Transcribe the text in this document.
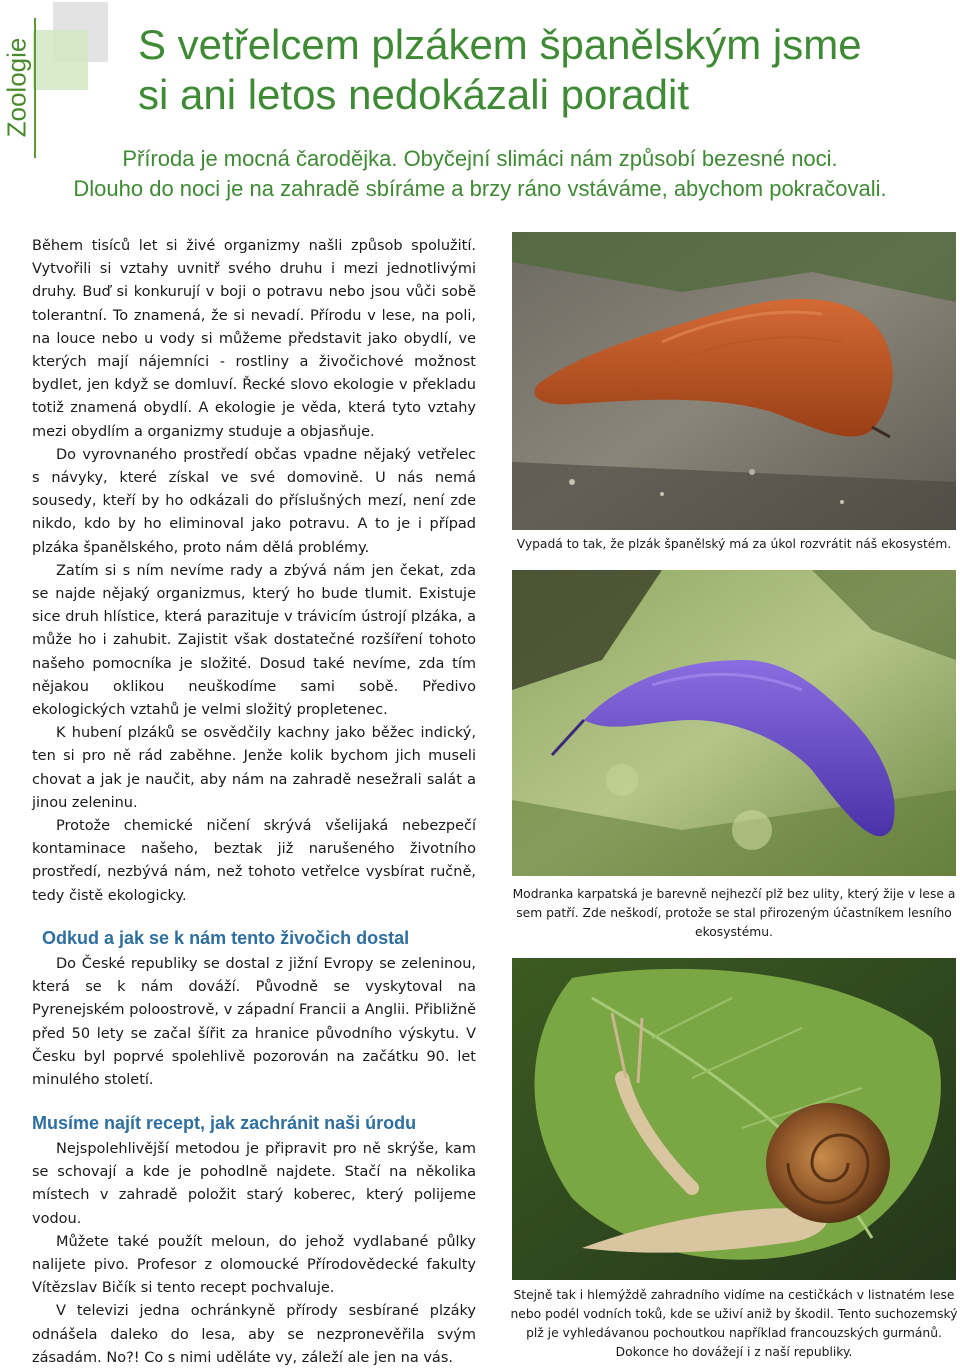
Zoologie	S vetřelcem plzákem španělským jsme
si ani letos nedokázali poradit

Příroda je mocná čarodějka. Obyčejní slimáci nám způsobí bezesné noci.
Dlouho do noci je na zahradě sbíráme a brzy ráno vstáváme, abychom pokračovali.

Během tisíců let si živé organizmy našli způsob spolužití. Vytvořili si vztahy uvnitř svého druhu i mezi jednotlivými druhy. Buď si konkurují v boji o potravu nebo jsou vůči sobě tolerantní. To znamená, že si nevadí. Přírodu v lese, na poli, na louce nebo u vody si můžeme představit jako obydlí, ve kterých mají nájemníci - rostliny a živočichové možnost bydlet, jen když se domluví. Řecké slovo ekologie v překladu totiž znamená obydlí. A ekologie je věda, která tyto vztahy mezi obydlím a organizmy studuje a objasňuje.

Do vyrovnaného prostředí občas vpadne nějaký vetřelec s návyky, které získal ve své domovině. U nás nemá sousedy, kteří by ho odkázali do příslušných mezí, není zde nikdo, kdo by ho eliminoval jako potravu. A to je i případ plzáka španělského, proto nám dělá problémy.

Zatím si s ním nevíme rady a zbývá nám jen čekat, zda se najde nějaký organizmus, který ho bude tlumit. Existuje sice druh hlístice, která parazituje v trávicím ústrojí plzáka, a může ho i zahubit. Zajistit však dostatečné rozšíření tohoto našeho pomocníka je složité. Dosud také nevíme, zda tím nějakou oklikou neuškodíme sami sobě. Předivo ekologických vztahů je velmi složitý propletenec.

K hubení plzáků se osvědčily kachny jako běžec indický, ten si pro ně rád zaběhne. Jenže kolik bychom jich museli chovat a jak je naučit, aby nám na zahradě nesežrali salát a jinou zeleninu.

Protože chemické ničení skrývá všelijaká nebezpečí kontaminace našeho, beztak již narušeného životního prostředí, nezbývá nám, než tohoto vetřelce vysbírat ručně, tedy čistě ekologicky.

Odkud a jak se k nám tento živočich dostal

Do České republiky se dostal z jižní Evropy se zeleninou, která se k nám dováží. Původně se vyskytoval na Pyrenejském poloostrově, v západní Francii a Anglii. Přibližně před 50 lety se začal šířit za hranice původního výskytu. V Česku byl poprvé spolehlivě pozorován na začátku 90. let minulého století.

Musíme najít recept, jak zachránit naši úrodu

Nejspolehlivější metodou je připravit pro ně skrýše, kam se schovají a kde je pohodlně najdete. Stačí na několika místech v zahradě položit starý koberec, který polijeme vodou.

Můžete také použít meloun, do jehož vydlabané půlky nalijete pivo. Profesor z olomoucké Přírodovědecké fakulty Vítězslav Bičík si tento recept pochvaluje.

V televizi jedna ochránkyně přírody sesbírané plzáky odnášela daleko do lesa, aby se nezpronevěřila svým zásadám. No?! Co s nimi uděláte vy, záleží ale jen na vás.

Vypadá to tak, že plzák španělský má za úkol rozvrátit náš ekosystém.
Modranka karpatská je barevně nejhezčí plž bez ulity, který žije v lese a sem patří. Zde neškodí, protože se stal přirozeným účastníkem lesního ekosystému.
Stejně tak i hlemýždě zahradního vidíme na cestičkách v listnatém lese nebo podél vodních toků, kde se uživí aniž by škodil. Tento suchozemský plž je vyhledávanou pochoutkou například francouzských gurmánů. Dokonce ho dovážejí i z naší republiky.
